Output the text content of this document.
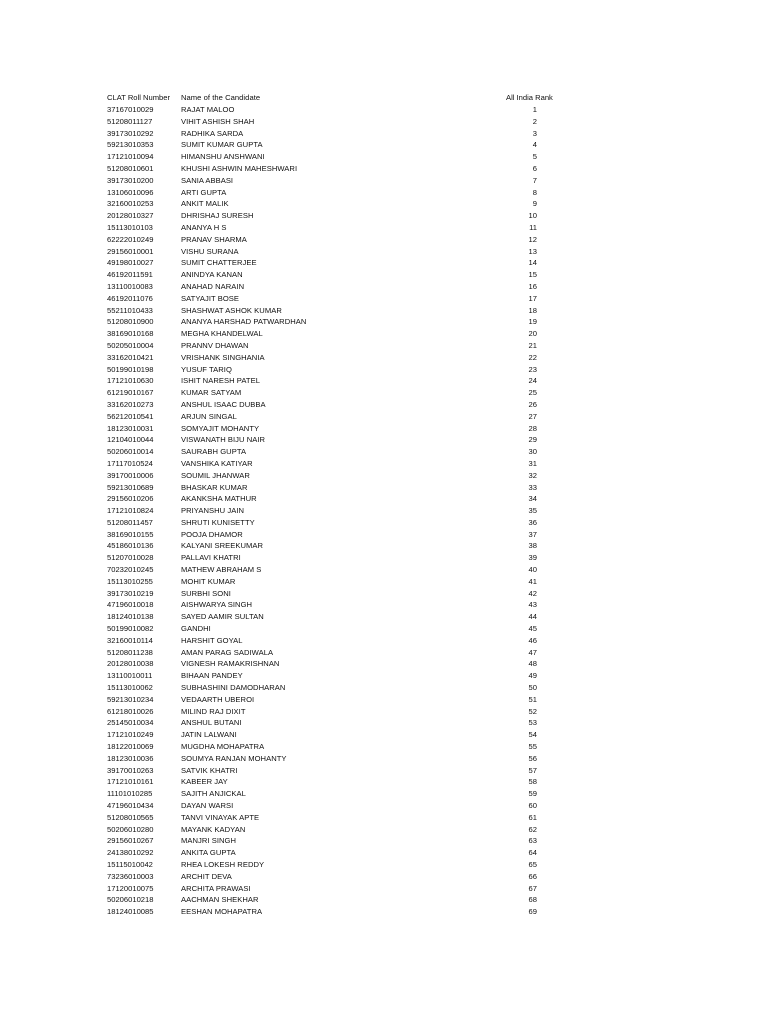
CLAT Roll Number	Name of the Candidate	All India Rank
37167010029	RAJAT MALOO	1
51208011127	VIHIT ASHISH SHAH	2
39173010292	RADHIKA SARDA	3
59213010353	SUMIT KUMAR GUPTA	4
17121010094	HIMANSHU ANSHWANI	5
51208010601	KHUSHI ASHWIN MAHESHWARI	6
39173010200	SANIA ABBASI	7
13106010096	ARTI GUPTA	8
32160010253	ANKIT MALIK	9
20128010327	DHRISHAJ SURESH	10
15113010103	ANANYA H S	11
62222010249	PRANAV SHARMA	12
29156010001	VISHU SURANA	13
49198010027	SUMIT CHATTERJEE	14
46192011591	ANINDYA KANAN	15
13110010083	ANAHAD NARAIN	16
46192011076	SATYAJIT BOSE	17
55211010433	SHASHWAT ASHOK KUMAR	18
51208010900	ANANYA HARSHAD PATWARDHAN	19
38169010168	MEGHA KHANDELWAL	20
50205010004	PRANNV DHAWAN	21
33162010421	VRISHANK SINGHANIA	22
50199010198	YUSUF TARIQ	23
17121010630	ISHIT NARESH PATEL	24
61219010167	KUMAR SATYAM	25
33162010273	ANSHUL ISAAC DUBBA	26
56212010541	ARJUN SINGAL	27
18123010031	SOMYAJIT MOHANTY	28
12104010044	VISWANATH BIJU NAIR	29
50206010014	SAURABH GUPTA	30
17117010524	VANSHIKA KATIYAR	31
39170010006	SOUMIL JHANWAR	32
59213010689	BHASKAR KUMAR	33
29156010206	AKANKSHA MATHUR	34
17121010824	PRIYANSHU JAIN	35
51208011457	SHRUTI KUNISETTY	36
38169010155	POOJA DHAMOR	37
45186010136	KALYANI SREEKUMAR	38
51207010028	PALLAVI KHATRI	39
70232010245	MATHEW ABRAHAM S	40
15113010255	MOHIT KUMAR	41
39173010219	SURBHI SONI	42
47196010018	AISHWARYA SINGH	43
18124010138	SAYED AAMIR SULTAN	44
50199010082	GANDHI	45
32160010114	HARSHIT GOYAL	46
51208011238	AMAN PARAG SADIWALA	47
20128010038	VIGNESH RAMAKRISHNAN	48
13110010011	BIHAAN PANDEY	49
15113010062	SUBHASHINI DAMODHARAN	50
59213010234	VEDAARTH UBEROI	51
61218010026	MILIND RAJ DIXIT	52
25145010034	ANSHUL BUTANI	53
17121010249	JATIN LALWANI	54
18122010069	MUGDHA MOHAPATRA	55
18123010036	SOUMYA RANJAN MOHANTY	56
39170010263	SATVIK KHATRI	57
17121010161	KABEER JAY	58
11101010285	SAJITH ANJICKAL	59
47196010434	DAYAN WARSI	60
51208010565	TANVI VINAYAK APTE	61
50206010280	MAYANK KADYAN	62
29156010267	MANJRI SINGH	63
24138010292	ANKITA GUPTA	64
15115010042	RHEA LOKESH REDDY	65
73236010003	ARCHIT DEVA	66
17120010075	ARCHITA PRAWASI	67
50206010218	AACHMAN SHEKHAR	68
18124010085	EESHAN MOHAPATRA	69
